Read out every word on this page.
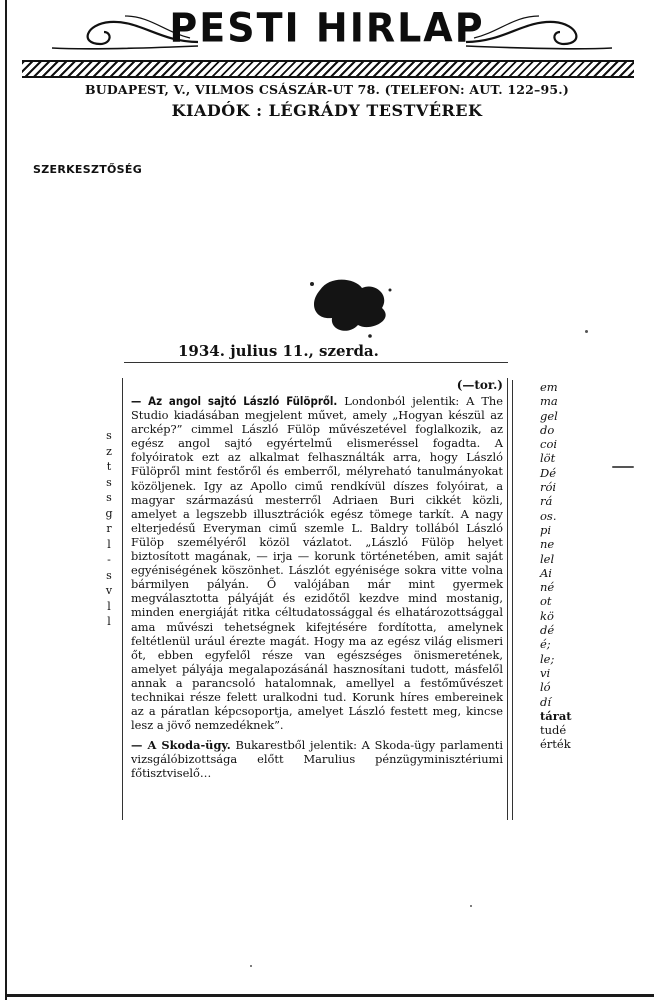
PESTI HIRLAP
BUDAPEST, V., VILMOS CSÁSZÁR-UT 78. (TELEFON: AUT. 122–95.)
KIADÓK : LÉGRÁDY TESTVÉREK
SZERKESZTŐSÉG
1934. julius 11., szerda.
s
z
t
s
s
g
r
l
-
s
v
l
l
(—tor.)

— Az angol sajtó László Fülöpről. Londonból jelentik: A The Studio kiadásában megjelent művet, amely „Hogyan készül az arckép?” cimmel László Fülöp művészetével foglalkozik, az egész angol sajtó egyértelmű elismeréssel fogadta. A folyóiratok ezt az alkalmat felhasználták arra, hogy László Fülöpről mint festőről és emberről, mélyreható tanulmányokat közöljenek. Igy az Apollo cimű rendkívül díszes folyóirat, a magyar származású mesterről Adriaen Buri cikkét közli, amelyet a legszebb illusztrációk egész tömege tarkít. A nagy elterjedésű Everyman cimű szemle L. Baldry tollából László Fülöp személyéről közöl vázlatot. „László Fülöp helyet biztosított magának, — irja — korunk történetében, amit saját egyéniségének köszönhet. Lászlót egyénisége sokra vitte volna bármilyen pályán. Ő valójában már mint gyermek megválasztotta pályáját és ezidőtől kezdve mind mostanig, minden energiáját ritka céltudatossággal és elhatározottsággal ama művészi tehetségnek kifejtésére fordította, amelynek feltétlenül urául érezte magát. Hogy ma az egész világ elismeri őt, ebben egyfelől része van egészséges önismeretének, amelyet pályája megalapozásánál hasznosítani tudott, másfelől annak a parancsoló hatalomnak, amellyel a festőművészet technikai része felett uralkodni tud. Korunk híres embereinek az a páratlan képcsoportja, amelyet László festett meg, kincse lesz a jövő nemzedéknek”.

— A Skoda-ügy. Bukarestből jelentik: A Skoda-ügy parlamenti vizsgálóbizottsága előtt Marulius pénzügyminisztériumi főtisztviselő…

em
ma
gel
do
coi
löt
Dé
rói
rá
os.
pi
ne
lel
Ai
né
ot
kö
dé
é;
le;
vi
ló
dí
tárat
tudé
érték
